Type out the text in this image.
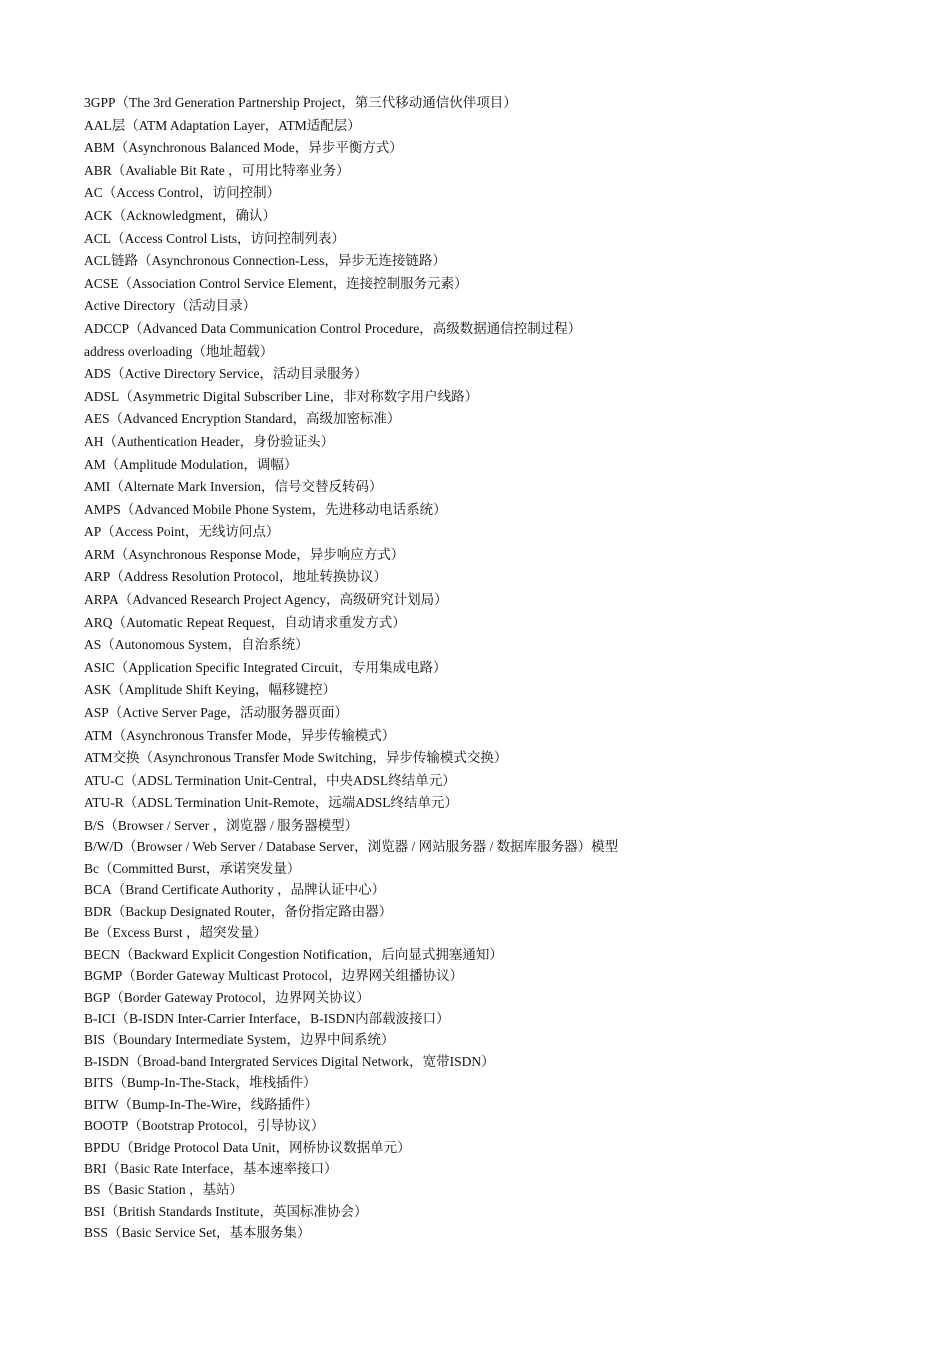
3GPP（The 3rd Generation Partnership Project，第三代移动通信伙伴项目）
AAL层（ATM Adaptation Layer，ATM适配层）
ABM（Asynchronous Balanced Mode，异步平衡方式）
ABR（Avaliable Bit Rate ，可用比特率业务）
AC（Access Control，访问控制）
ACK（Acknowledgment，确认）
ACL（Access Control Lists，访问控制列表）
ACL链路（Asynchronous Connection-Less，异步无连接链路）
ACSE（Association Control Service Element，连接控制服务元素）
Active Directory（活动目录）
ADCCP（Advanced Data Communication Control Procedure，高级数据通信控制过程）
address overloading（地址超载）
ADS（Active Directory Service，活动目录服务）
ADSL（Asymmetric Digital Subscriber Line，非对称数字用户线路）
AES（Advanced Encryption Standard，高级加密标准）
AH（Authentication Header，身份验证头）
AM（Amplitude Modulation，调幅）
AMI（Alternate Mark Inversion，信号交替反转码）
AMPS（Advanced Mobile Phone System，先进移动电话系统）
AP（Access Point，无线访问点）
ARM（Asynchronous Response Mode，异步响应方式）
ARP（Address Resolution Protocol，地址转换协议）
ARPA（Advanced Research Project Agency，高级研究计划局）
ARQ（Automatic Repeat Request，自动请求重发方式）
AS（Autonomous System，自治系统）
ASIC（Application Specific Integrated Circuit，专用集成电路）
ASK（Amplitude Shift Keying，幅移键控）
ASP（Active Server Page，活动服务器页面）
ATM（Asynchronous Transfer Mode，异步传输模式）
ATM交换（Asynchronous Transfer Mode Switching，异步传输模式交换）
ATU-C（ADSL Termination Unit-Central，中央ADSL终结单元）
ATU-R（ADSL Termination Unit-Remote，远端ADSL终结单元）
B/S（Browser / Server ，浏览器 / 服务器模型）
B/W/D（Browser / Web Server / Database Server，浏览器 / 网站服务器 / 数据库服务器）模型
Bc（Committed Burst，承诺突发量）
BCA（Brand Certificate Authority ，品牌认证中心）
BDR（Backup Designated Router，备份指定路由器）
Be（Excess Burst ，超突发量）
BECN（Backward Explicit Congestion Notification，后向显式拥塞通知）
BGMP（Border Gateway Multicast Protocol，边界网关组播协议）
BGP（Border Gateway Protocol，边界网关协议）
B-ICI（B-ISDN Inter-Carrier Interface，B-ISDN内部载波接口）
BIS（Boundary Intermediate System，边界中间系统）
B-ISDN（Broad-band Intergrated Services Digital Network，宽带ISDN）
BITS（Bump-In-The-Stack，堆栈插件）
BITW（Bump-In-The-Wire，线路插件）
BOOTP（Bootstrap Protocol，引导协议）
BPDU（Bridge Protocol Data Unit，网桥协议数据单元）
BRI（Basic Rate Interface，基本速率接口）
BS（Basic Station ，基站）
BSI（British Standards Institute，英国标准协会）
BSS（Basic Service Set，基本服务集）
